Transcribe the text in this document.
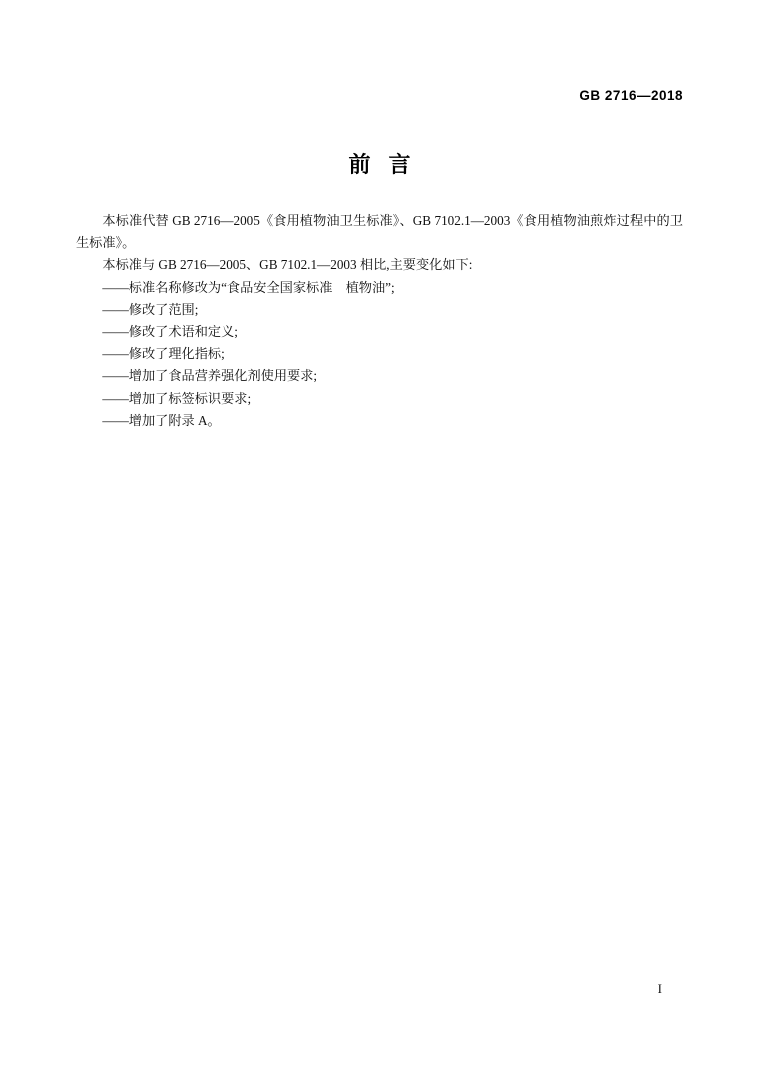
GB 2716—2018
前言

本标准代替 GB 2716—2005《食用植物油卫生标准》、GB 7102.1—2003《食用植物油煎炸过程中的卫生标准》。

本标准与 GB 2716—2005、GB 7102.1—2003 相比,主要变化如下:

——标准名称修改为“食品安全国家标准　植物油”;

——修改了范围;

——修改了术语和定义;

——修改了理化指标;

——增加了食品营养强化剂使用要求;

——增加了标签标识要求;

——增加了附录 A。

I
